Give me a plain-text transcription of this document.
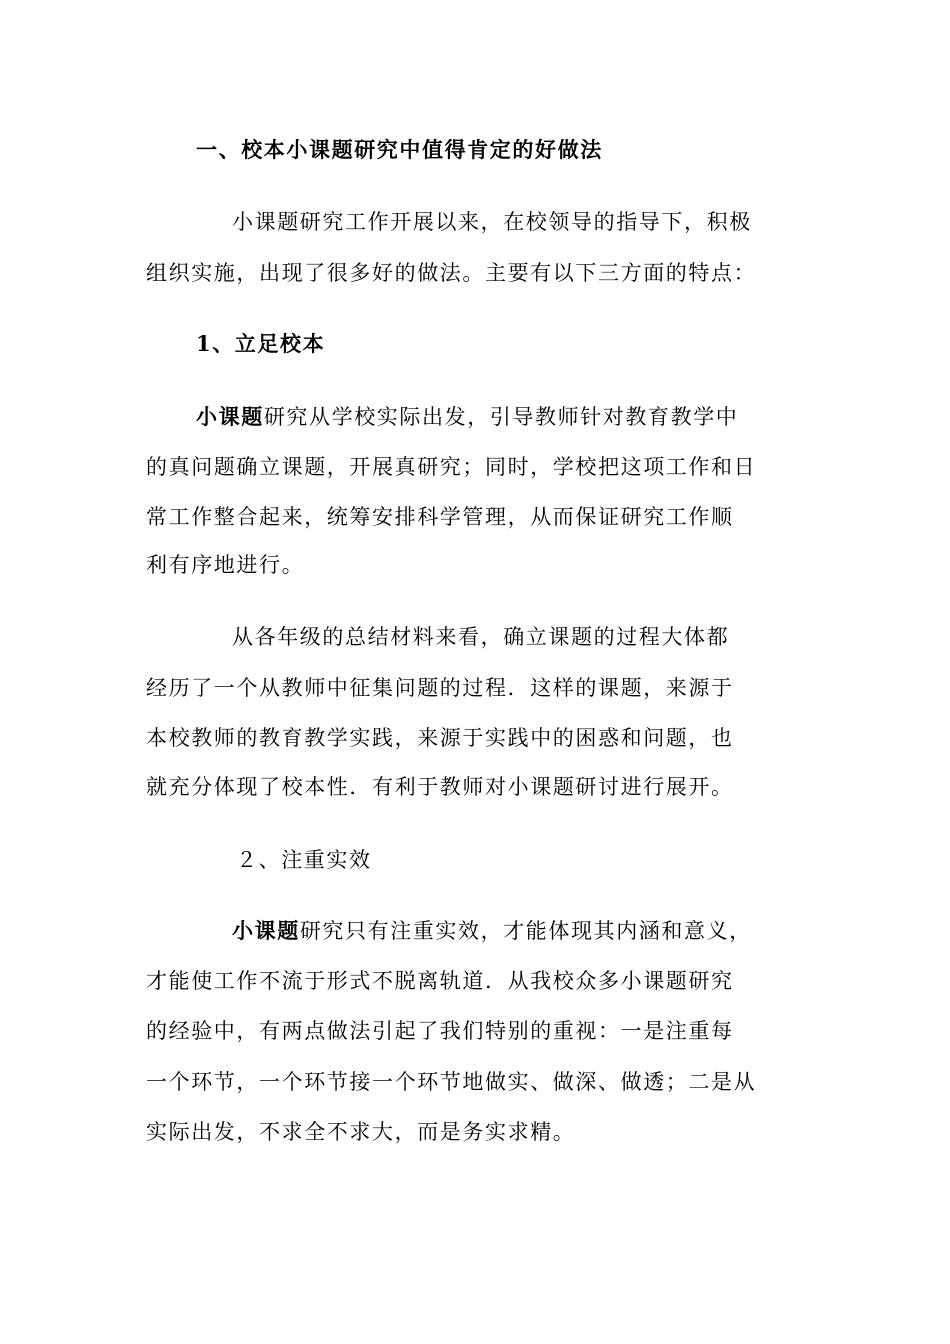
一、校本小课题研究中值得肯定的好做法
小课题研究工作开展以来，在校领导的指导下，积极
组织实施，出现了很多好的做法。主要有以下三方面的特点：
1、立足校本
小课题研究从学校实际出发，引导教师针对教育教学中
的真问题确立课题，开展真研究；同时，学校把这项工作和日
常工作整合起来，统筹安排科学管理，从而保证研究工作顺
利有序地进行。
从各年级的总结材料来看，确立课题的过程大体都
经历了一个从教师中征集问题的过程．这样的课题，来源于
本校教师的教育教学实践，来源于实践中的困惑和问题，也
就充分体现了校本性．有利于教师对小课题研讨进行展开。
２、注重实效
小课题研究只有注重实效，才能体现其内涵和意义，
才能使工作不流于形式不脱离轨道．从我校众多小课题研究
的经验中，有两点做法引起了我们特别的重视：一是注重每
一个环节，一个环节接一个环节地做实、做深、做透；二是从
实际出发，不求全不求大，而是务实求精。
